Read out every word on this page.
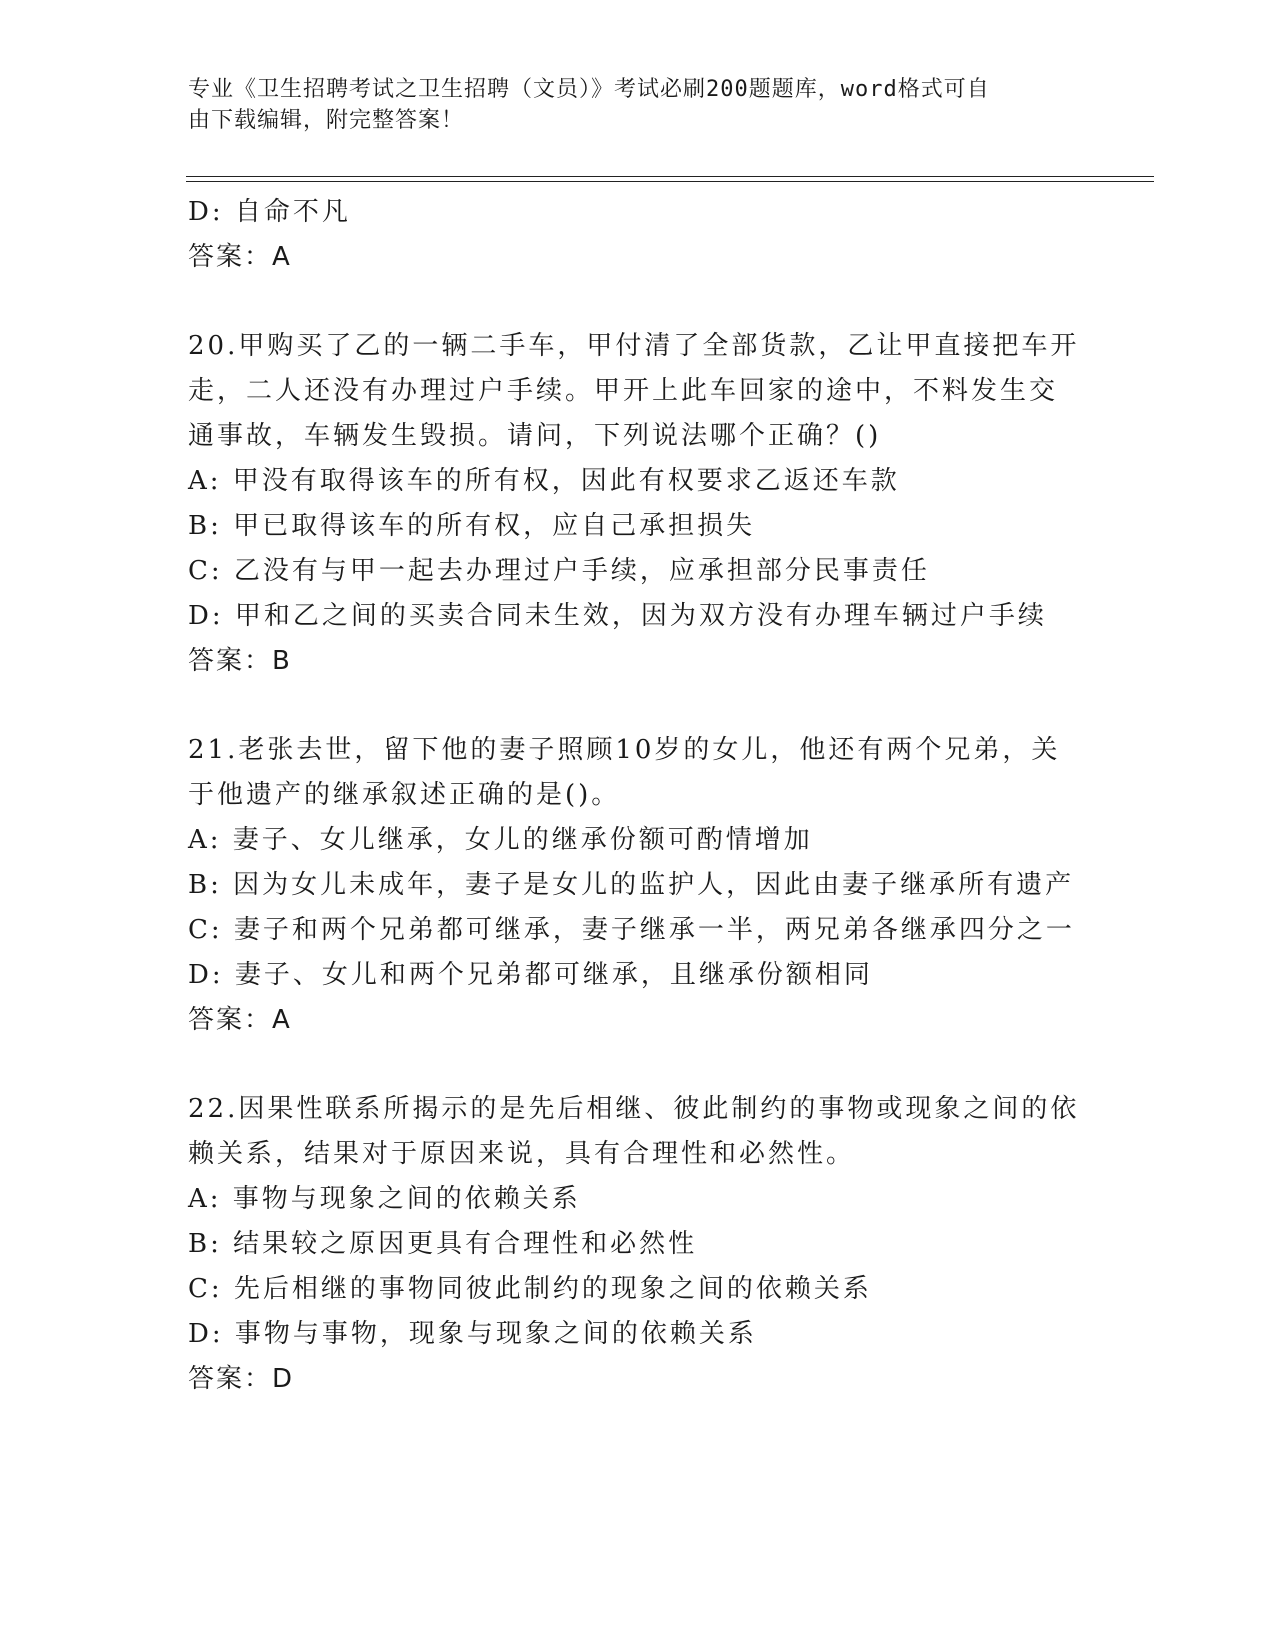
专业《卫生招聘考试之卫生招聘（文员）》考试必刷200题题库，word格式可自
由下载编辑，附完整答案！
D: 自命不凡
答案：A
20.甲购买了乙的一辆二手车，甲付清了全部货款，乙让甲直接把车开
走，二人还没有办理过户手续。甲开上此车回家的途中，不料发生交
通事故，车辆发生毁损。请问，下列说法哪个正确？()
A: 甲没有取得该车的所有权，因此有权要求乙返还车款
B: 甲已取得该车的所有权，应自己承担损失
C: 乙没有与甲一起去办理过户手续，应承担部分民事责任
D: 甲和乙之间的买卖合同未生效，因为双方没有办理车辆过户手续
答案：B
21.老张去世，留下他的妻子照顾10岁的女儿，他还有两个兄弟，关
于他遗产的继承叙述正确的是()。
A: 妻子、女儿继承，女儿的继承份额可酌情增加
B: 因为女儿未成年，妻子是女儿的监护人，因此由妻子继承所有遗产
C: 妻子和两个兄弟都可继承，妻子继承一半，两兄弟各继承四分之一
D: 妻子、女儿和两个兄弟都可继承，且继承份额相同
答案：A
22.因果性联系所揭示的是先后相继、彼此制约的事物或现象之间的依
赖关系，结果对于原因来说，具有合理性和必然性。
A: 事物与现象之间的依赖关系
B: 结果较之原因更具有合理性和必然性
C: 先后相继的事物同彼此制约的现象之间的依赖关系
D: 事物与事物，现象与现象之间的依赖关系
答案：D
